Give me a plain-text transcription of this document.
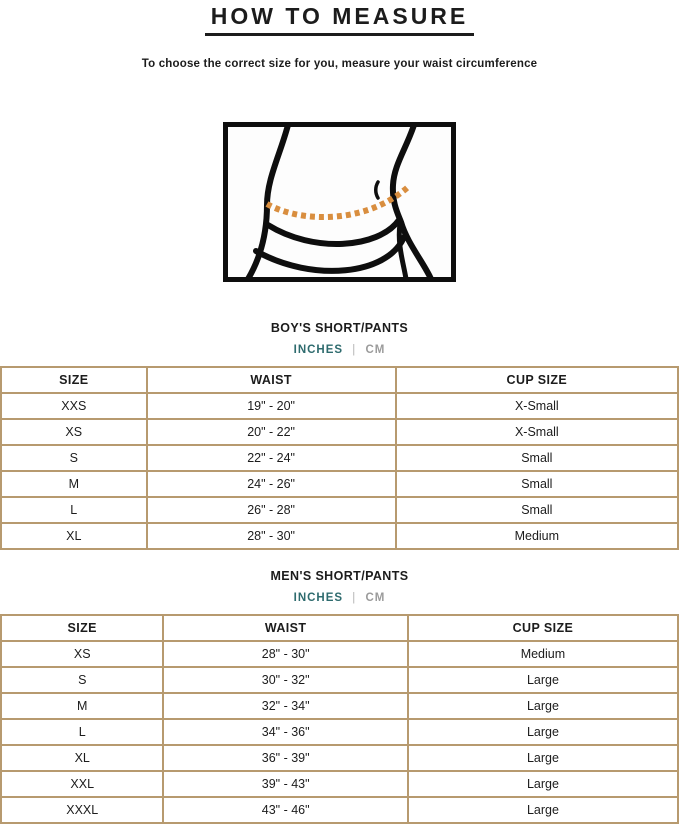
HOW TO MEASURE

To choose the correct size for you, measure your waist circumference

BOY'S SHORT/PANTS
INCHES | CM
SIZE	WAIST	CUP SIZE
XXS	19" - 20"	X-Small
XS	20" - 22"	X-Small
S	22" - 24"	Small
M	24" - 26"	Small
L	26" - 28"	Small
XL	28" - 30"	Medium
MEN'S SHORT/PANTS
INCHES | CM
SIZE	WAIST	CUP SIZE
XS	28" - 30"	Medium
S	30" - 32"	Large
M	32" - 34"	Large
L	34" - 36"	Large
XL	36" - 39"	Large
XXL	39" - 43"	Large
XXXL	43" - 46"	Large
